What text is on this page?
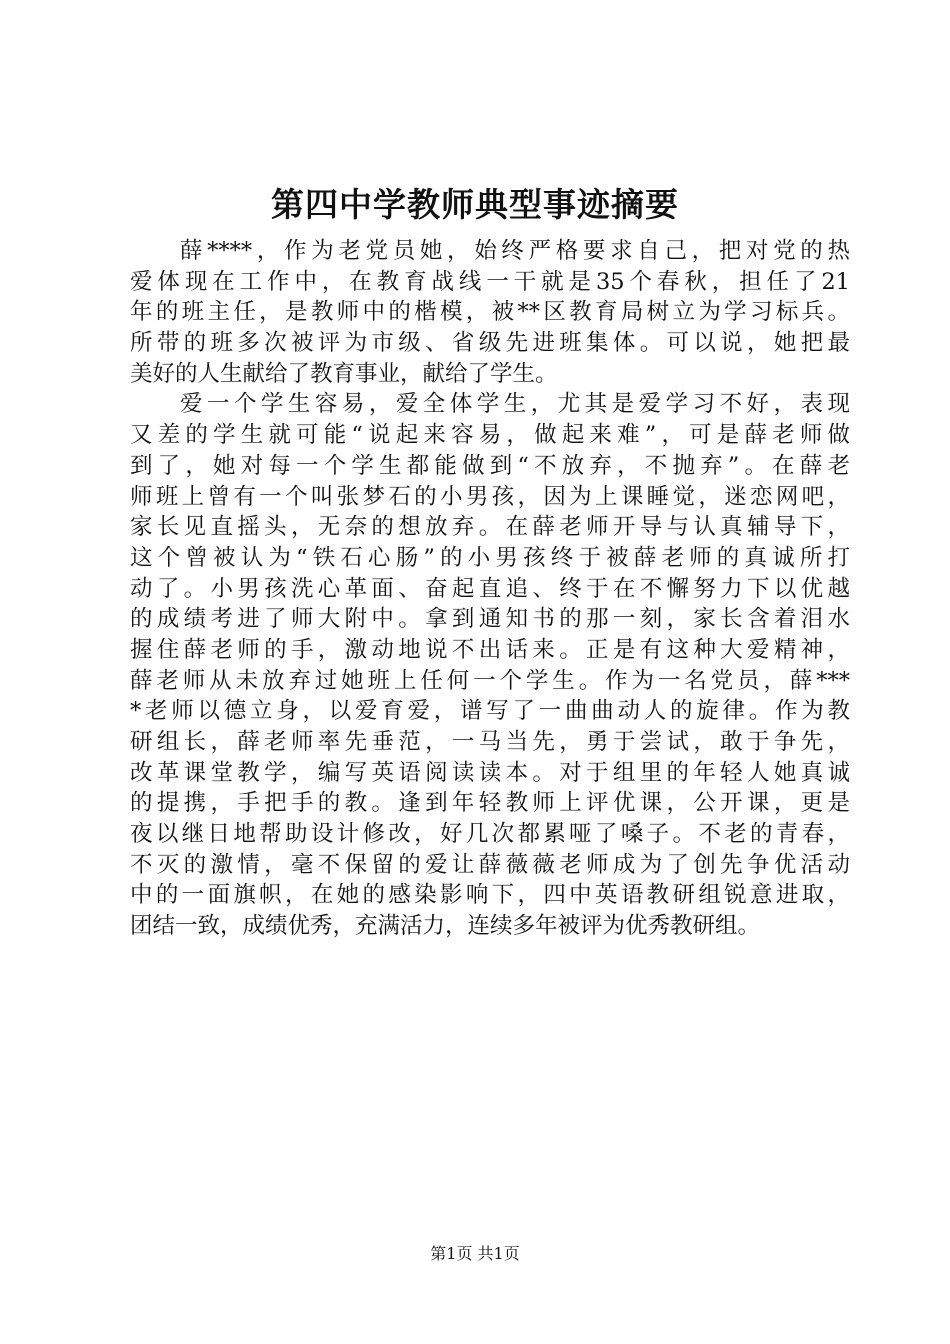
第四中学教师典型事迹摘要
薛****，作为老党员她，始终严格要求自己，把对党的热
爱体现在工作中，在教育战线一干就是35个春秋，担任了21
年的班主任，是教师中的楷模，被**区教育局树立为学习标兵。
所带的班多次被评为市级、省级先进班集体。可以说，她把最
美好的人生献给了教育事业，献给了学生。
爱一个学生容易，爱全体学生，尤其是爱学习不好，表现
又差的学生就可能“说起来容易，做起来难”，可是薛老师做
到了，她对每一个学生都能做到“不放弃，不抛弃”。在薛老
师班上曾有一个叫张梦石的小男孩，因为上课睡觉，迷恋网吧，
家长见直摇头，无奈的想放弃。在薛老师开导与认真辅导下，
这个曾被认为“铁石心肠”的小男孩终于被薛老师的真诚所打
动了。小男孩洗心革面、奋起直追、终于在不懈努力下以优越
的成绩考进了师大附中。拿到通知书的那一刻，家长含着泪水
握住薛老师的手，激动地说不出话来。正是有这种大爱精神，
薛老师从未放弃过她班上任何一个学生。作为一名党员，薛***
*老师以德立身，以爱育爱，谱写了一曲曲动人的旋律。作为教
研组长，薛老师率先垂范，一马当先，勇于尝试，敢于争先，
改革课堂教学，编写英语阅读读本。对于组里的年轻人她真诚
的提携，手把手的教。逢到年轻教师上评优课，公开课，更是
夜以继日地帮助设计修改，好几次都累哑了嗓子。不老的青春，
不灭的激情，毫不保留的爱让薛薇薇老师成为了创先争优活动
中的一面旗帜，在她的感染影响下，四中英语教研组锐意进取，
团结一致，成绩优秀，充满活力，连续多年被评为优秀教研组。
第1页 共1页
